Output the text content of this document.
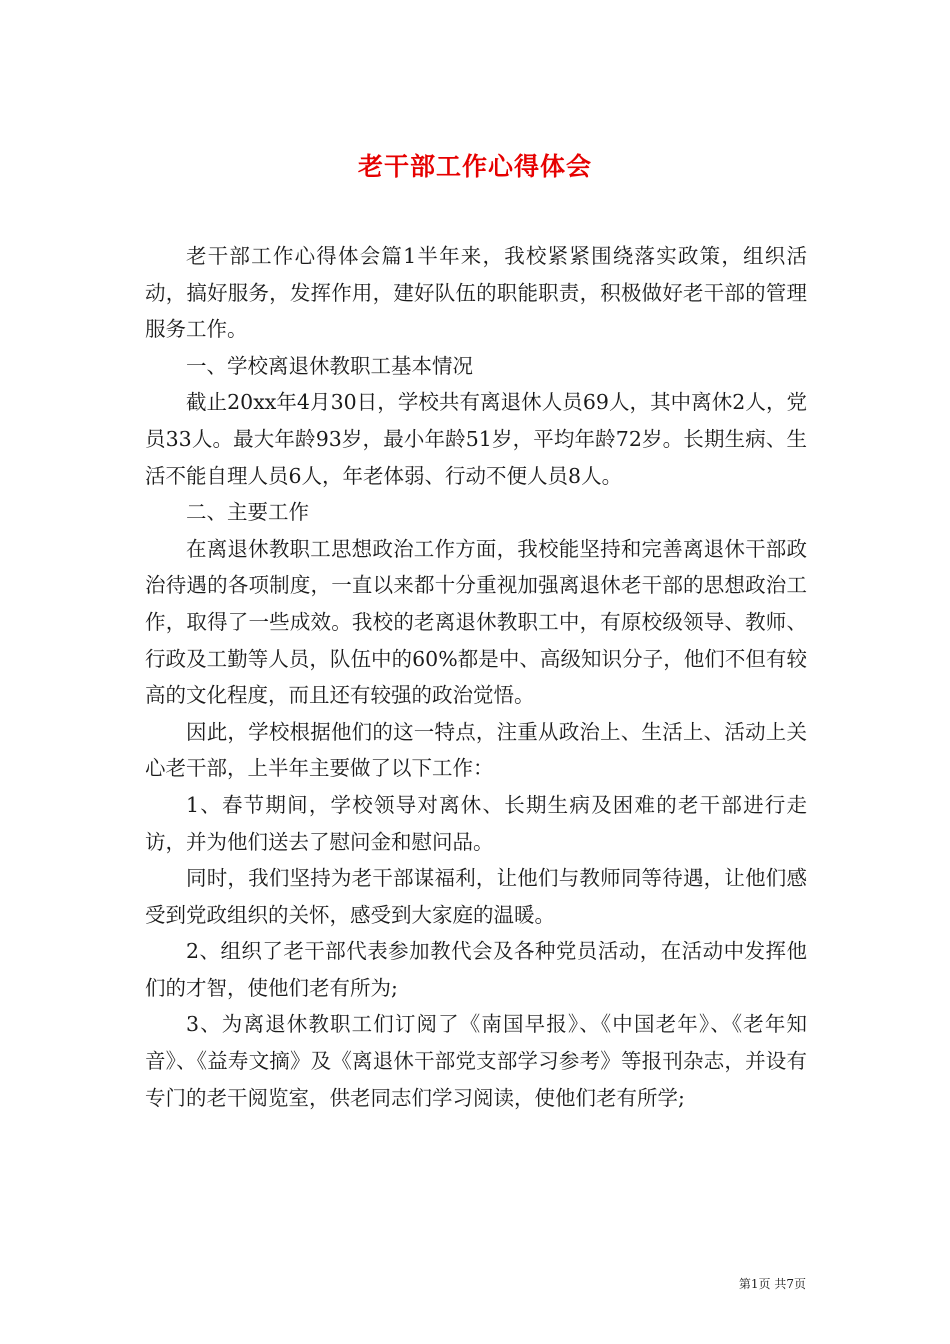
老干部工作心得体会

老干部工作心得体会篇1半年来，我校紧紧围绕落实政策，组织活动，搞好服务，发挥作用，建好队伍的职能职责，积极做好老干部的管理服务工作。

一、学校离退休教职工基本情况

截止20xx年4月30日，学校共有离退休人员69人，其中离休2人，党员33人。最大年龄93岁，最小年龄51岁，平均年龄72岁。长期生病、生活不能自理人员6人，年老体弱、行动不便人员8人。

二、主要工作

在离退休教职工思想政治工作方面，我校能坚持和完善离退休干部政治待遇的各项制度，一直以来都十分重视加强离退休老干部的思想政治工作，取得了一些成效。我校的老离退休教职工中，有原校级领导、教师、行政及工勤等人员，队伍中的60%都是中、高级知识分子，他们不但有较高的文化程度，而且还有较强的政治觉悟。

因此，学校根据他们的这一特点，注重从政治上、生活上、活动上关心老干部，上半年主要做了以下工作：

1、春节期间，学校领导对离休、长期生病及困难的老干部进行走访，并为他们送去了慰问金和慰问品。

同时，我们坚持为老干部谋福利，让他们与教师同等待遇，让他们感受到党政组织的关怀，感受到大家庭的温暖。

2、组织了老干部代表参加教代会及各种党员活动，在活动中发挥他们的才智，使他们老有所为;

3、为离退休教职工们订阅了《南国早报》、《中国老年》、《老年知音》、《益寿文摘》及《离退休干部党支部学习参考》等报刊杂志，并设有专门的老干阅览室，供老同志们学习阅读，使他们老有所学;

第1页 共7页
